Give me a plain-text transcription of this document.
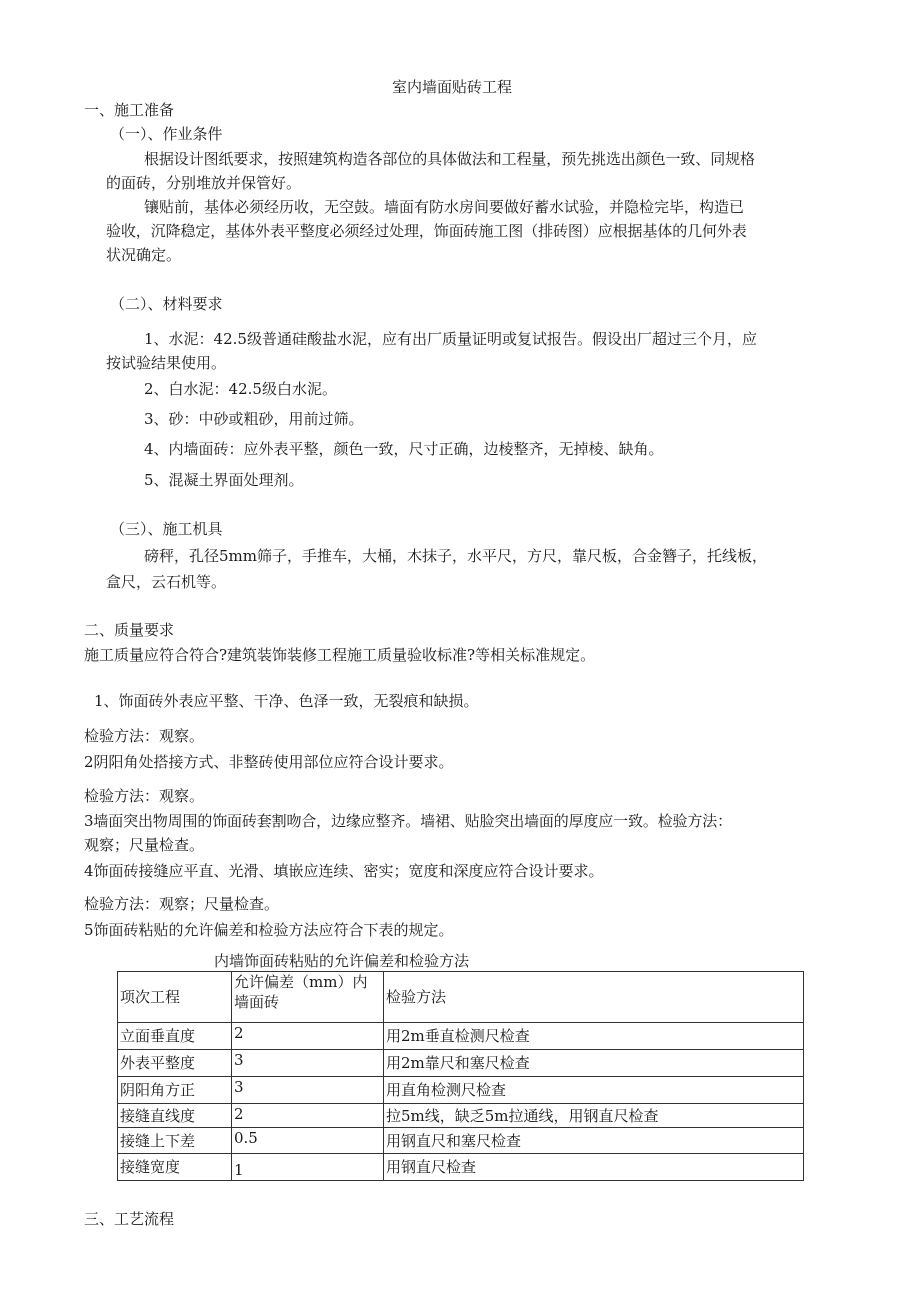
室内墙面贴砖工程
一、施工准备
（一）、作业条件
根据设计图纸要求，按照建筑构造各部位的具体做法和工程量，预先挑选出颜色一致、同规格
的面砖，分别堆放并保管好。
镶贴前，基体必须经历收，无空鼓。墙面有防水房间要做好蓄水试验，并隐检完毕，构造已
验收，沉降稳定，基体外表平整度必须经过处理，饰面砖施工图（排砖图）应根据基体的几何外表
状况确定。
（二）、材料要求
1、水泥：42.5级普通硅酸盐水泥，应有出厂质量证明或复试报告。假设出厂超过三个月，应
按试验结果使用。
2、白水泥：42.5级白水泥。
3、砂：中砂或粗砂，用前过筛。
4、内墙面砖：应外表平整，颜色一致，尺寸正确，边棱整齐，无掉棱、缺角。
5、混凝土界面处理剂。
（三）、施工机具
磅秤，孔径5mm筛子，手推车，大桶，木抹子，水平尺，方尺，靠尺板，合金簪子，托线板，
盒尺，云石机等。
二、质量要求
施工质量应符合符合?建筑装饰装修工程施工质量验收标准?等相关标准规定。
1、饰面砖外表应平整、干净、色泽一致，无裂痕和缺损。
检验方法：观察。
2阴阳角处搭接方式、非整砖使用部位应符合设计要求。
检验方法：观察。
3墙面突出物周围的饰面砖套割吻合，边缘应整齐。墙裙、贴脸突出墙面的厚度应一致。检验方法：
观察；尺量检查。
4饰面砖接缝应平直、光滑、填嵌应连续、密实；宽度和深度应符合设计要求。
检验方法：观察；尺量检查。
5饰面砖粘贴的允许偏差和检验方法应符合下表的规定。
内墙饰面砖粘贴的允许偏差和检验方法
项次工程	允许偏差（mm）内
墙面砖	检验方法
立面垂直度	2	用2m垂直检测尺检查
外表平整度	3	用2m靠尺和塞尺检查
阴阳角方正	3	用直角检测尺检查
接缝直线度	2	拉5m线，缺乏5m拉通线，用钢直尺检查
接缝上下差	0.5	用钢直尺和塞尺检查
接缝宽度	1	用钢直尺检查
三、工艺流程
